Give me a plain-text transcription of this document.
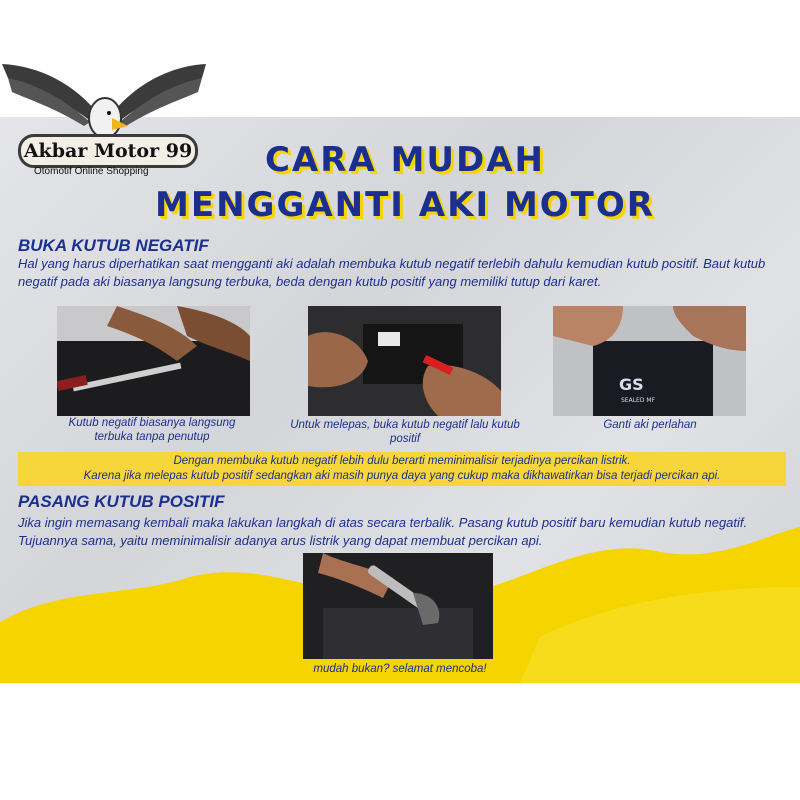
Akbar Motor 99
Otomotif Online Shopping	CARA MUDAH
MENGGANTI AKI MOTOR
BUKA KUTUB NEGATIF

Hal yang harus diperhatikan saat mengganti aki adalah membuka kutub negatif terlebih dahulu kemudian kutub positif. Baut kutub negatif pada aki biasanya langsung terbuka, beda dengan kutub positif yang memiliki tutup dari karet.

Kutub negatif biasanya langsung terbuka tanpa penutup

Untuk melepas, buka kutub negatif lalu kutub positif

GS
SEALED MF

Ganti aki perlahan

Dengan membuka kutub negatif lebih dulu berarti meminimalisir terjadinya percikan listrik.

Karena jika melepas kutub positif sedangkan aki masih punya daya yang cukup maka dikhawatirkan bisa terjadi percikan api.

PASANG KUTUB POSITIF

Jika ingin memasang kembali maka lakukan langkah di atas secara terbalik. Pasang kutub positif baru kemudian kutub negatif. Tujuannya sama, yaitu meminimalisir adanya arus listrik yang dapat membuat percikan api.

mudah bukan? selamat mencoba!
